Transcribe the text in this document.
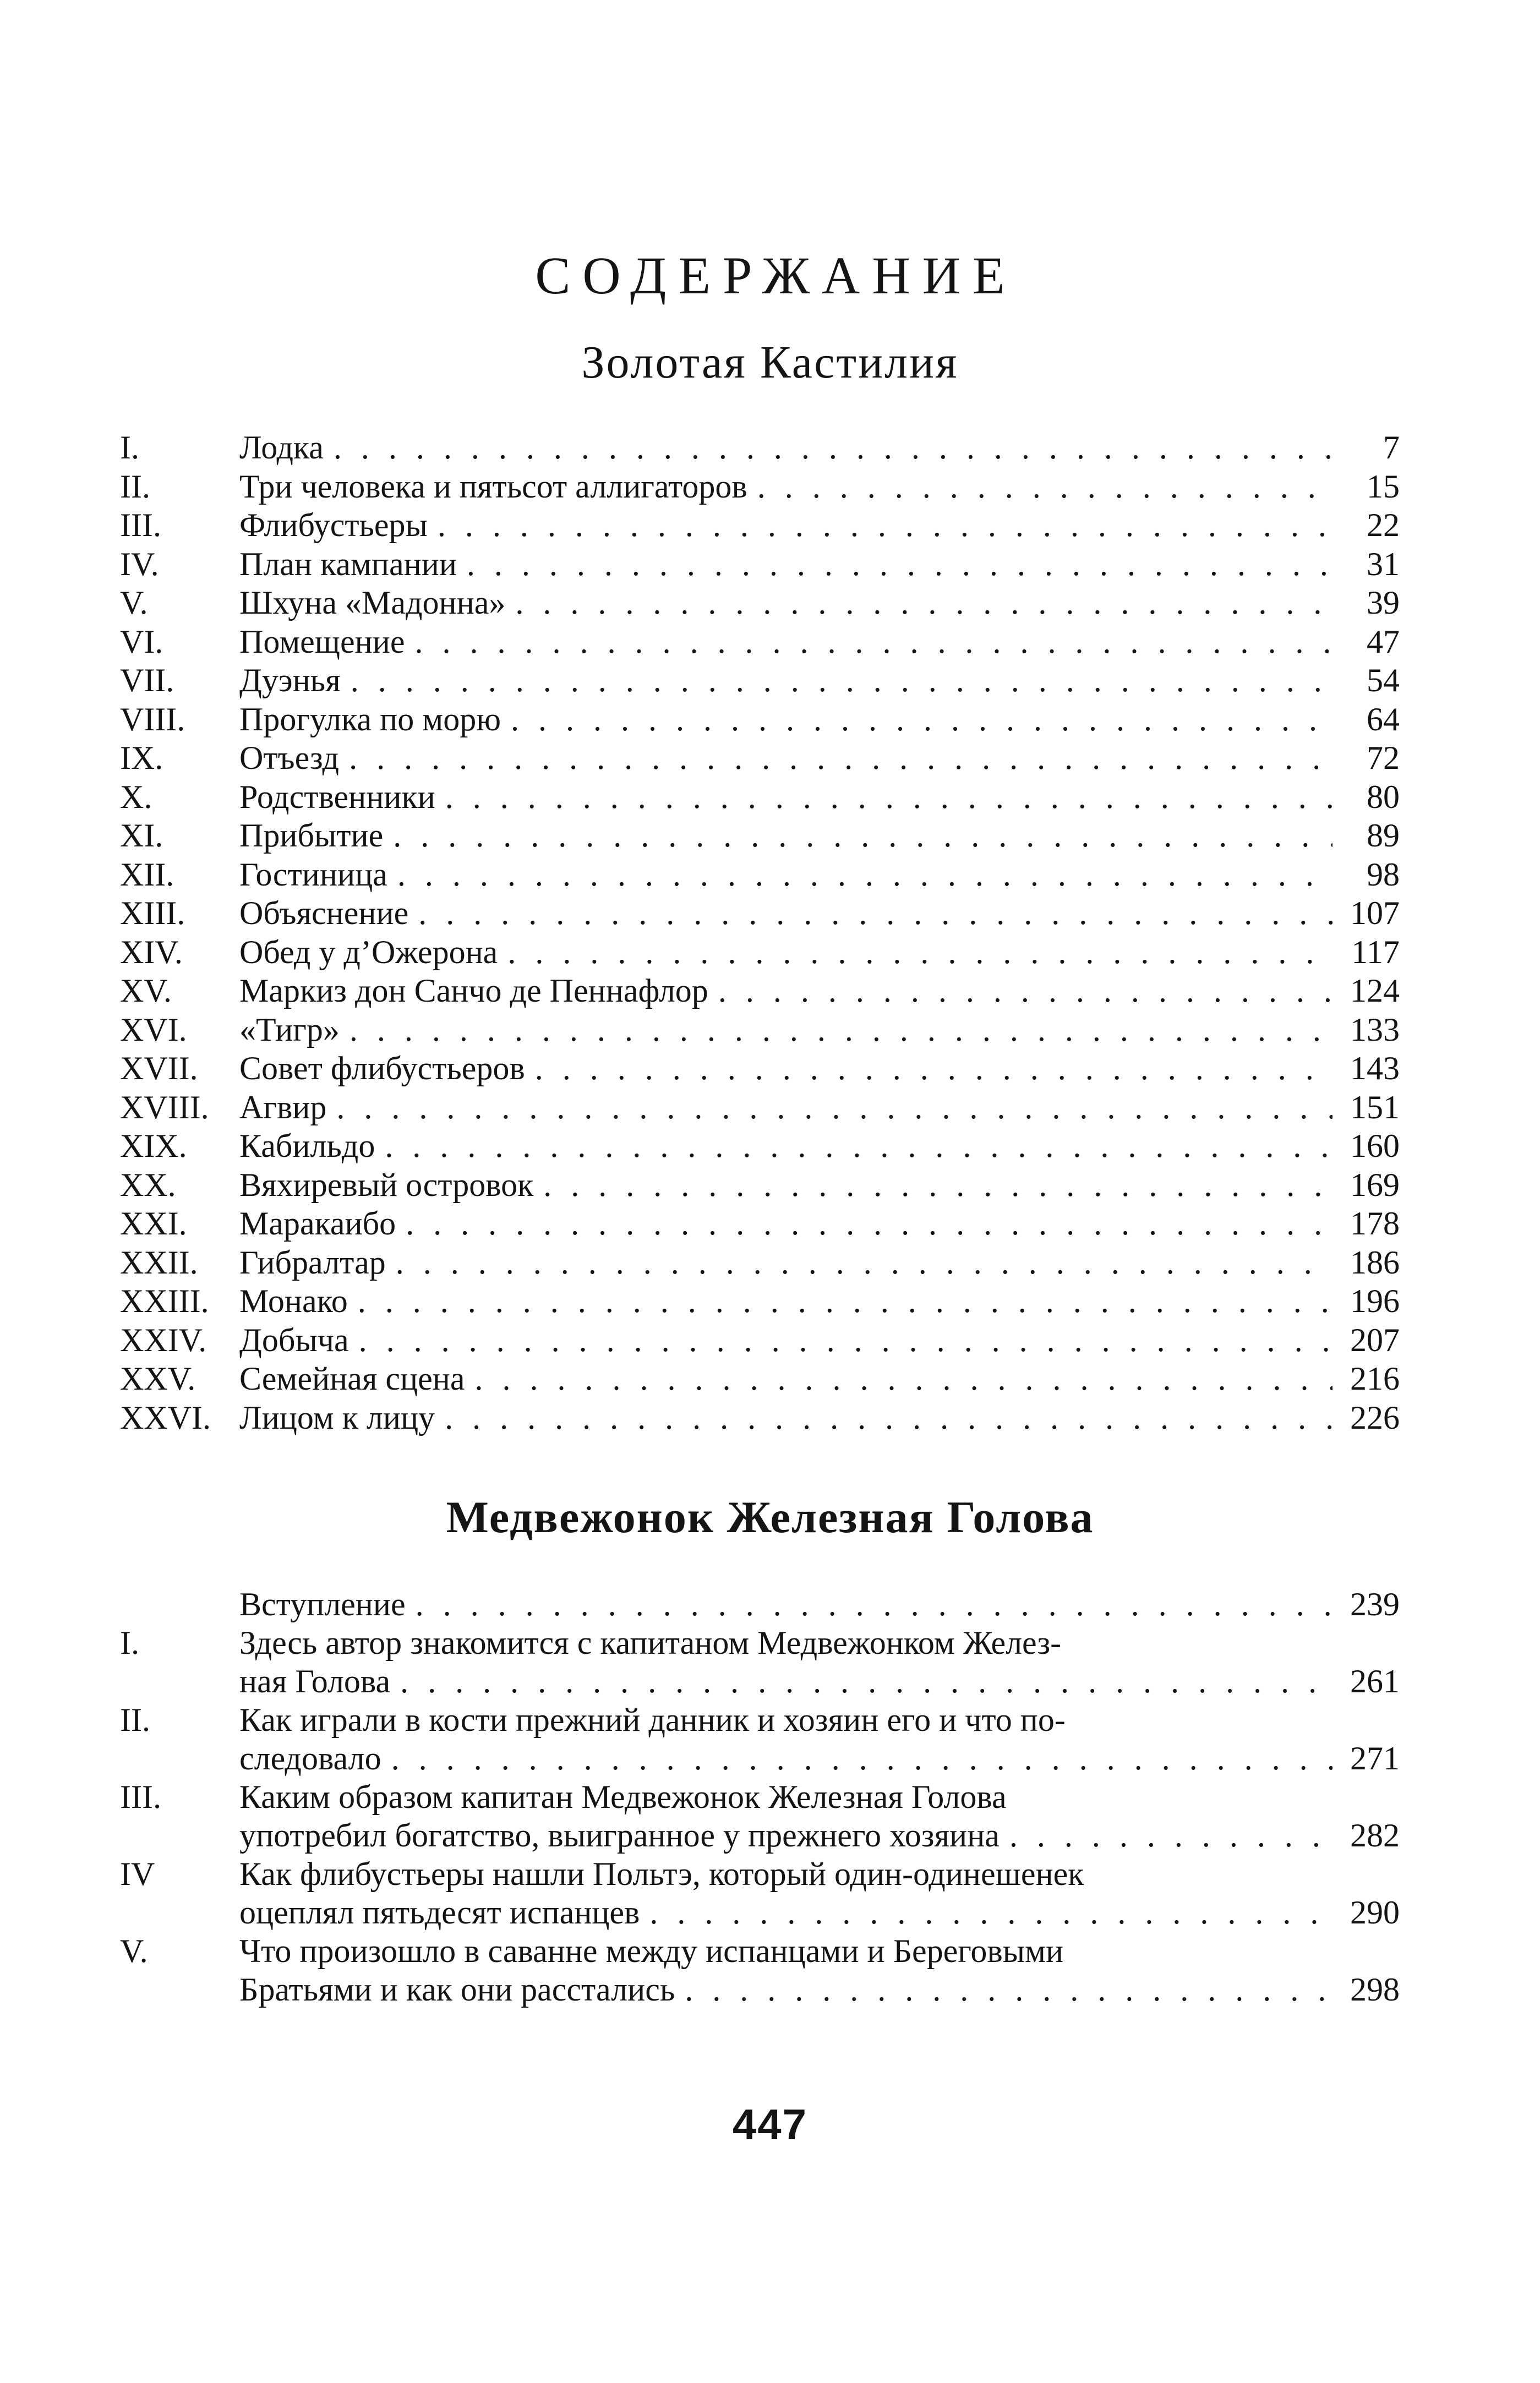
СОДЕРЖАНИЕ
Золотая Кастилия
I.	Лодка . . .	7
II.	Три человека и пятьсот аллигаторов . . .	15
III. Флибустьеры . . .	22
IV. План кампании . . .	31
V.	Шхуна «Мадонна» . . .	39
VI. Помещение . . .	47
VII. Дуэнья . . .	54
VIII. Прогулка по морю . . .	64
IX. Отъезд . . .	72
X.	Родственники . . .	80
XI. Прибытие . . .	89
XII. Гостиница . . .	98
XIII. Объяснение . . .	107
XIV. Обед у д’Ожерона . . .	117
XV. Маркиз дон Санчо де Пеннафлор . . .	124
XVI. «Тигр» . . .	133
XVII. Совет флибустьеров . . .	143
XVIII. Агвир . . .	151
XIX. Кабильдо . . .	160
XX. Вяхиревый островок . . .	169
XXI. Маракаибо . . .	178
XXII. Гибралтар . . .	186
XXIII. Монако . . .	196
XXIV. Добыча . . .	207
XXV. Семейная сцена . . .	216
XXVI. Лицом к лицу . . .	226
Медвежонок Железная Голова
Вступление . . .	239
I.	Здесь автор знакомится с капитаном Медвежонком Желез-
ная Голова . . .	261
II.	Как играли в кости прежний данник и хозяин его и что по-
следовало . . .	271
III. Каким образом капитан Медвежонок Железная Голова
употребил богатство, выигранное у прежнего хозяина . . .	282
IV	Как флибустьеры нашли Польтэ, который один-одинешенек
оцеплял пятьдесят испанцев . . .	290
V.	Что произошло в саванне между испанцами и Береговыми
Братьями и как они расстались . . .	298
447
